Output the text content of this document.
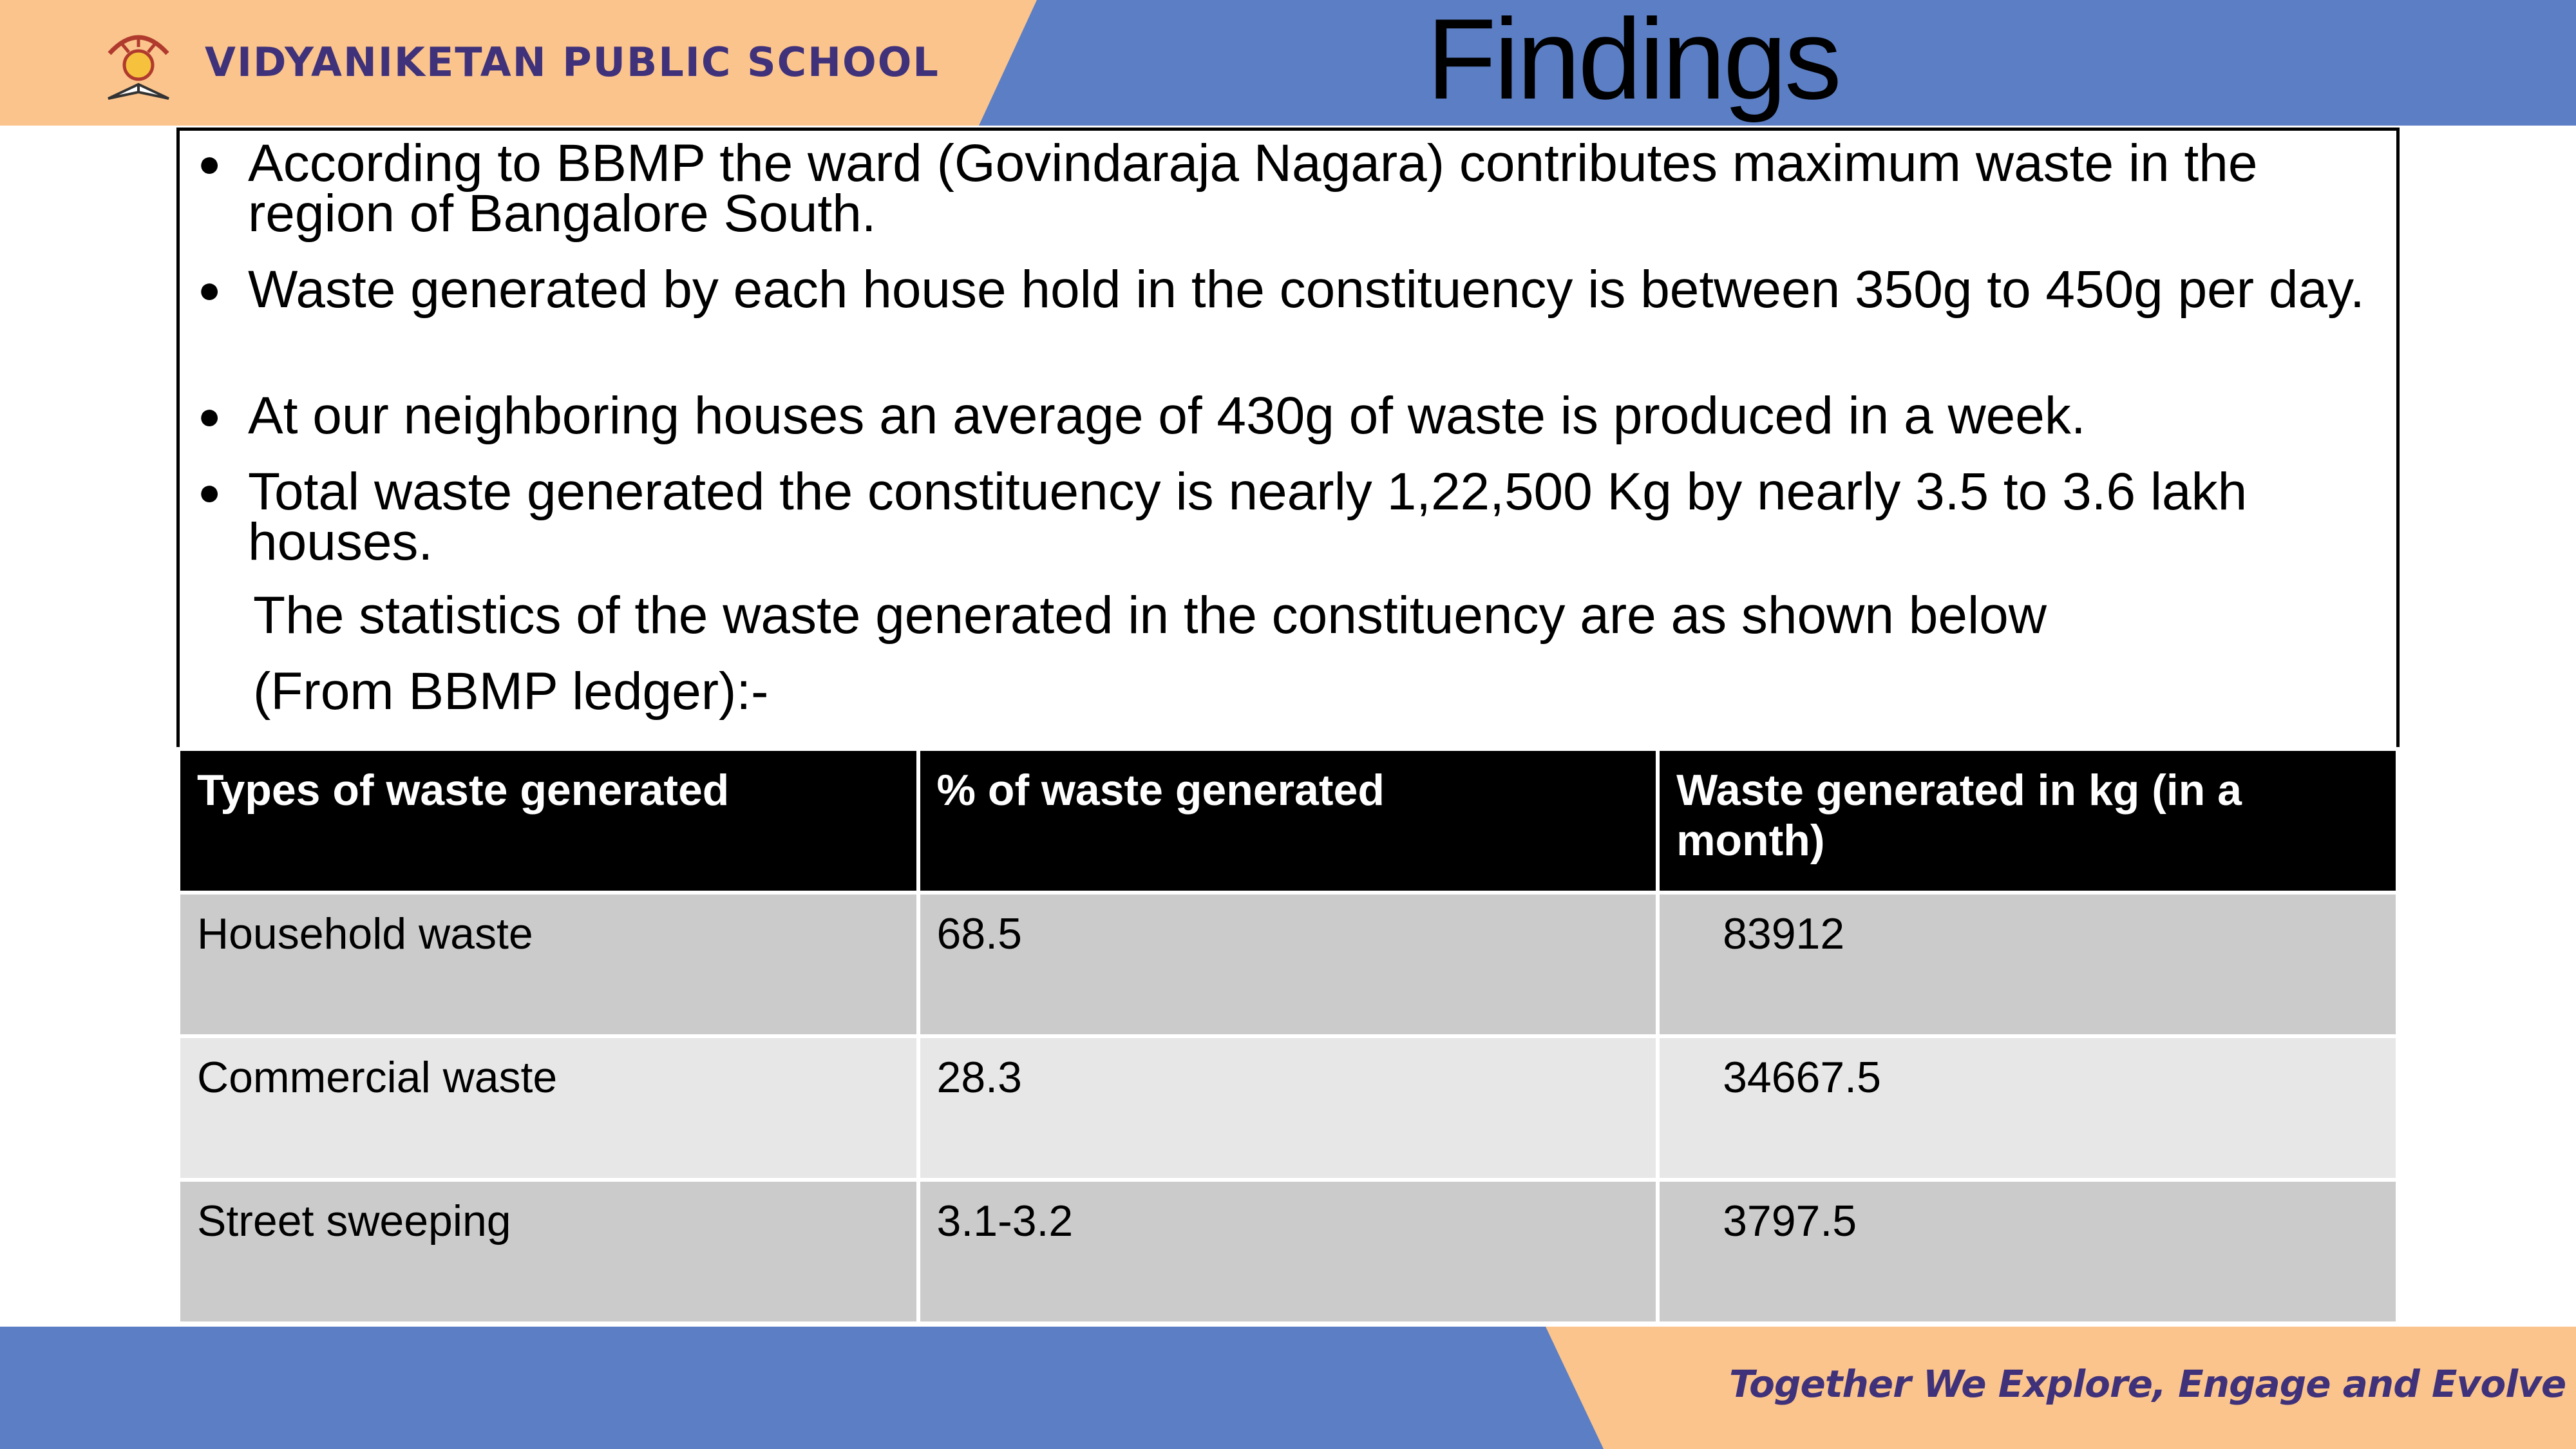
VIDYANIKETAN PUBLIC SCHOOL	Findings
● According to BBMP the ward (Govindaraja Nagara) contributes maximum waste in the region of Bangalore South.
● Waste generated by each house hold in the constituency is between 350g to 450g per day.
● At our neighboring houses an average of 430g of waste is produced in a week.
● Total waste generated the constituency is nearly 1,22,500 Kg by nearly 3.5 to 3.6 lakh houses.
The statistics of the waste generated in the constituency are as shown below
(From BBMP ledger):-
Types of waste generated	% of waste generated	Waste generated in kg (in a month)
Household waste	68.5	83912
Commercial waste	28.3	34667.5
Street sweeping	3.1-3.2	3797.5
Together We Explore, Engage and Evolve
